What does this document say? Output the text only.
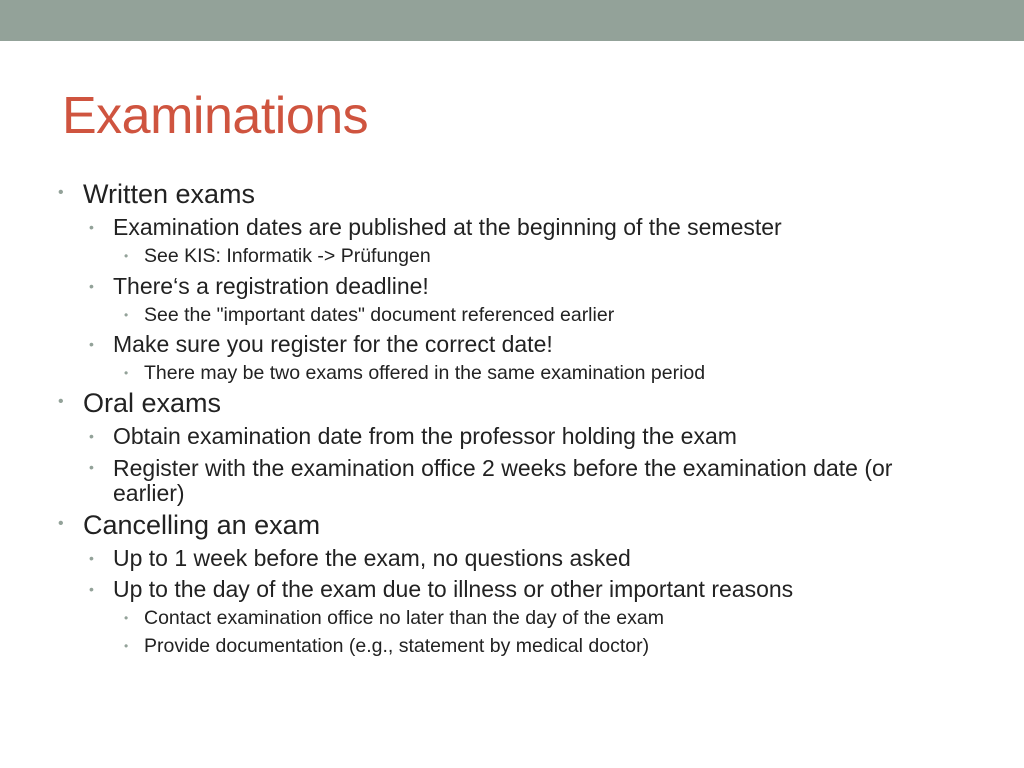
Examinations
• Written exams
• Examination dates are published at the beginning of the semester
• See KIS: Informatik -> Prüfungen
• There‘s a registration deadline!
• See the "important dates" document referenced earlier
• Make sure you register for the correct date!
• There may be two exams offered in the same examination period
• Oral exams
• Obtain examination date from the professor holding the exam
• Register with the examination office 2 weeks before the examination date (or earlier)
• Cancelling an exam
• Up to 1 week before the exam, no questions asked
• Up to the day of the exam due to illness or other important reasons
• Contact examination office no later than the day of the exam
• Provide documentation (e.g., statement by medical doctor)
